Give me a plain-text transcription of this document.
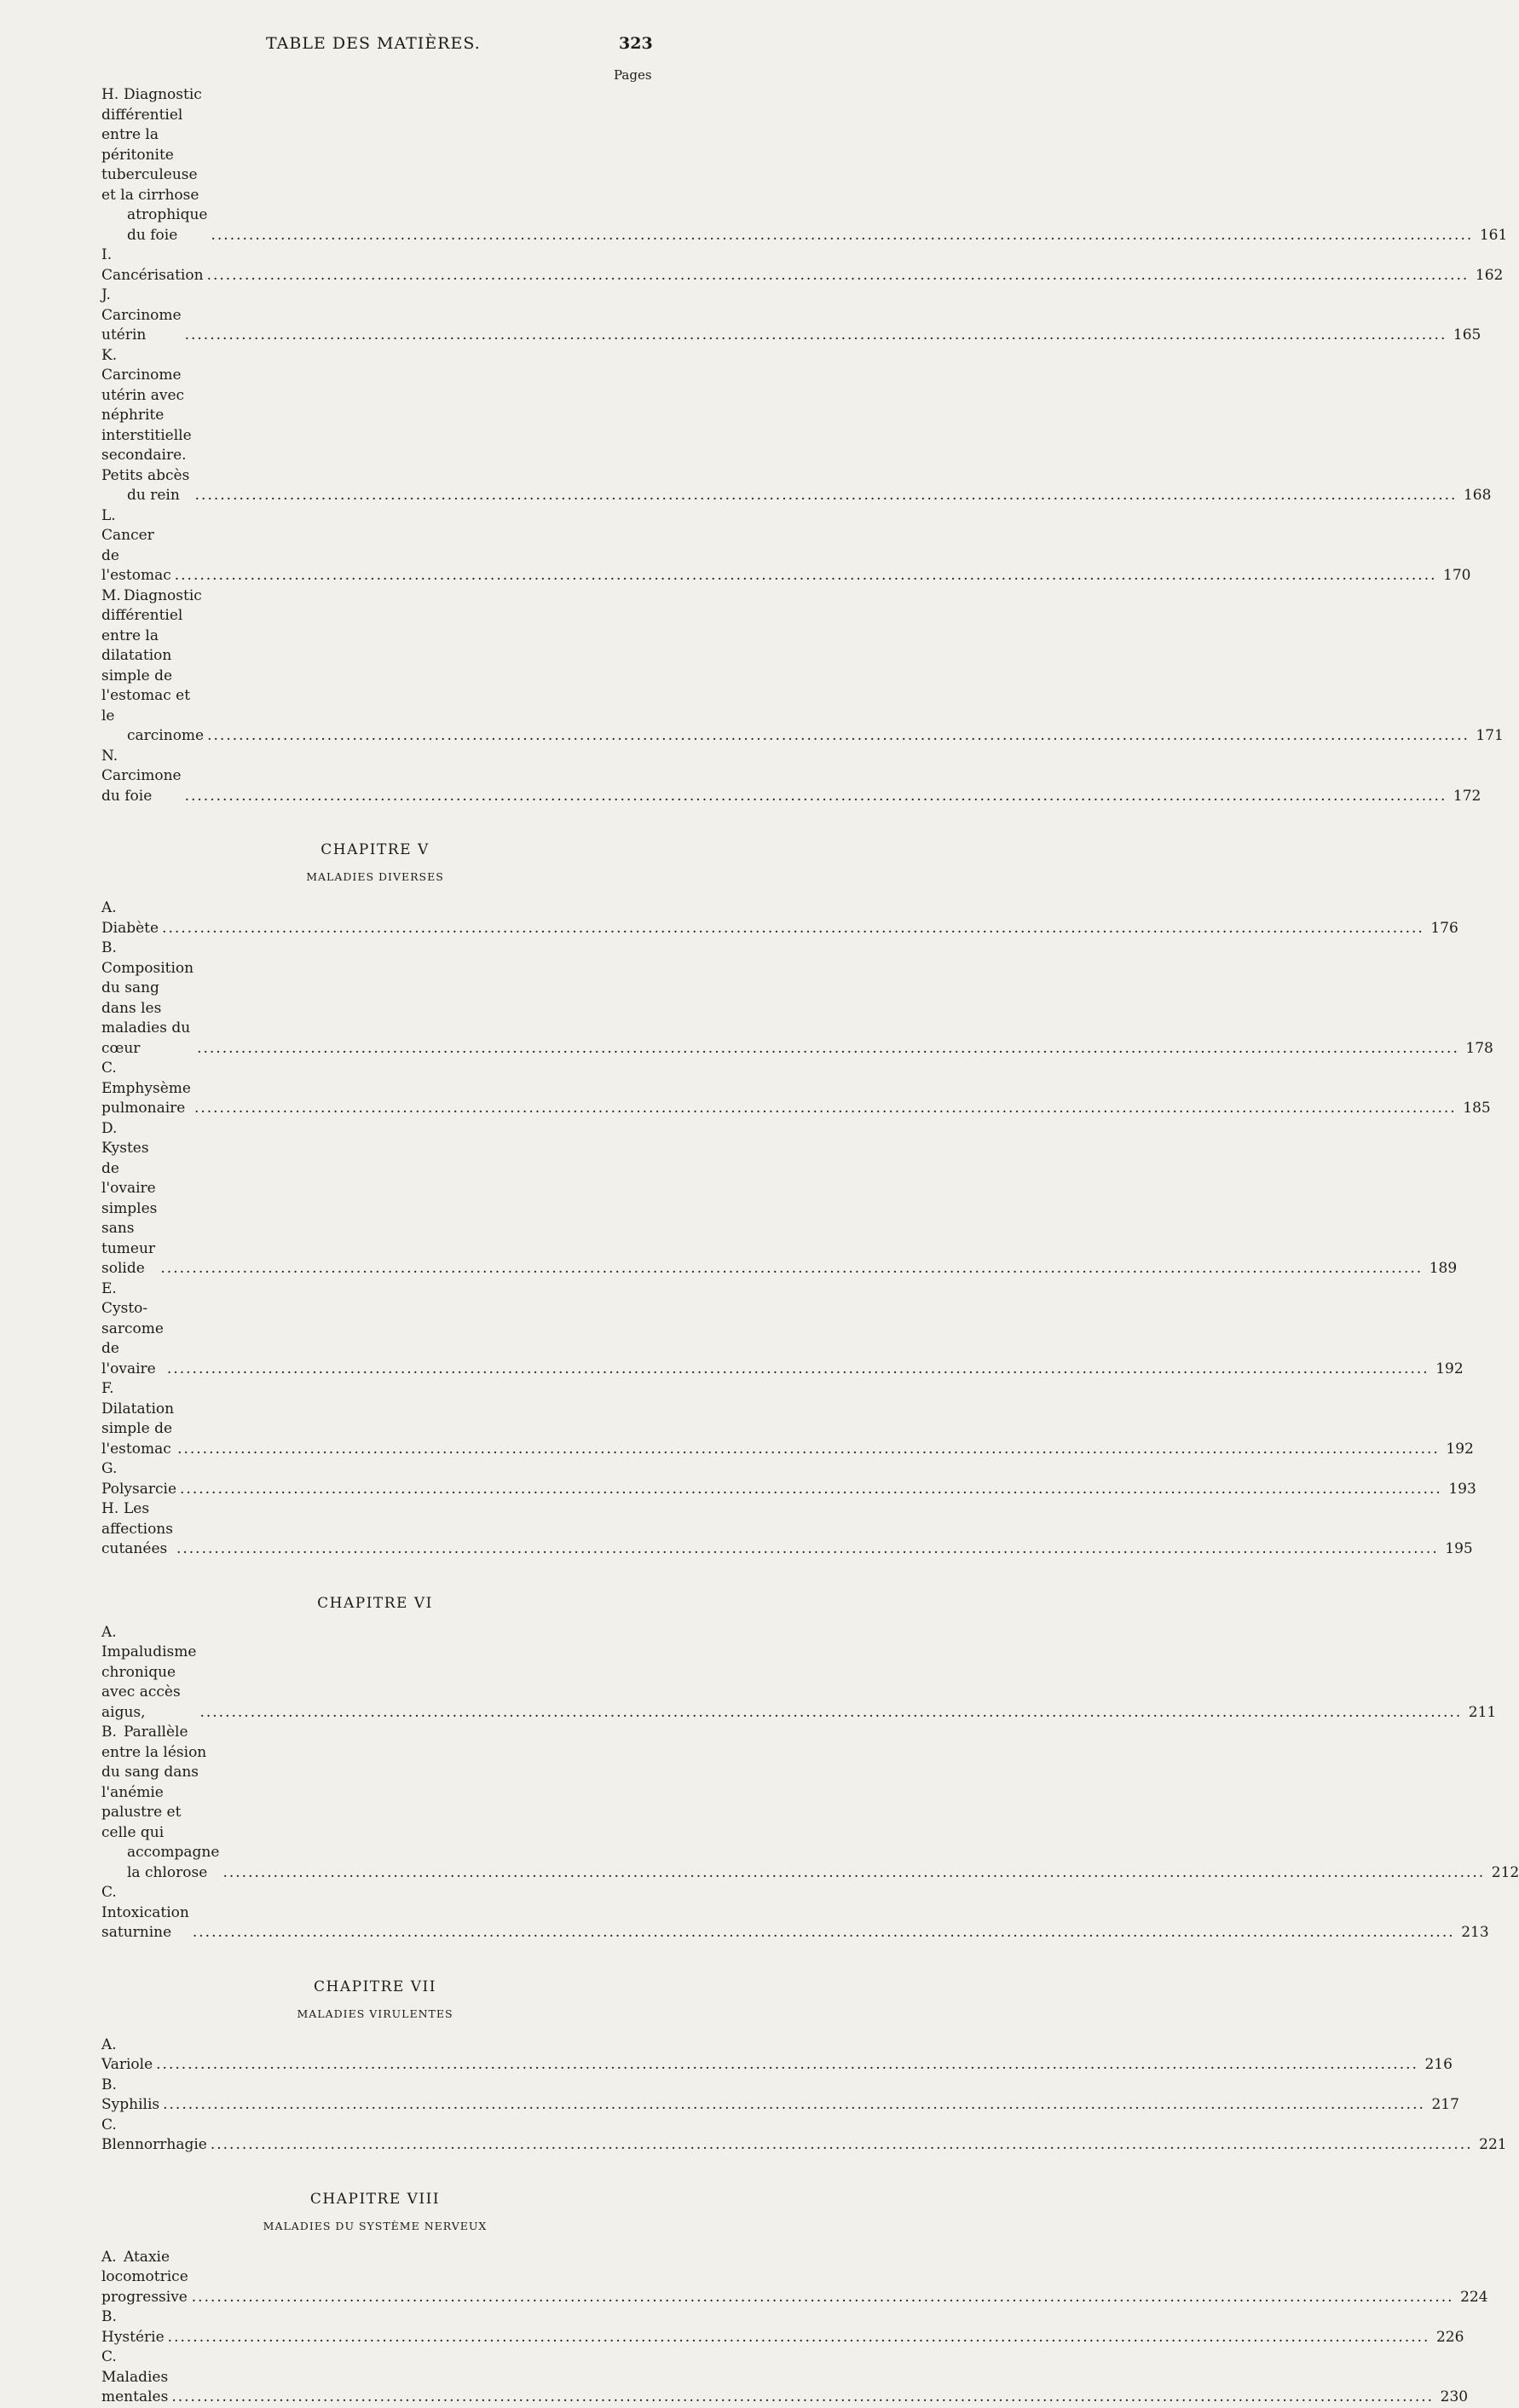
TABLE DES MATIÈRES.	323
Pages
H. Diagnostic différentiel entre la péritonite tuberculeuse et la cirrhose
atrophique du foie	........................................................................................................................................................................................................ 161
I.Cancérisation ........................................................................................................................................................................................................ 162
J.Carcinome utérin	........................................................................................................................................................................................................ 165
K.Carcinome utérin avec néphrite interstitielle secondaire. Petits abcès
du rein	........................................................................................................................................................................................................ 168
L.Cancer de l'estomac ........................................................................................................................................................................................................ 170
M. Diagnostic différentiel entre la dilatation simple de l'estomac et le
carcinome ........................................................................................................................................................................................................ 171
N.Carcimone du foie	........................................................................................................................................................................................................ 172
CHAPITRE V
MALADIES DIVERSES
A.Diabète ........................................................................................................................................................................................................ 176
B.Composition du sang dans les maladies du cœur	........................................................................................................................................................................................................ 178
C.Emphysème pulmonaire ........................................................................................................................................................................................................ 185
D.Kystes de l'ovaire simples sans tumeur solide	........................................................................................................................................................................................................ 189
E.Cysto-sarcome de l'ovaire ........................................................................................................................................................................................................ 192
F.Dilatation simple de l'estomac ........................................................................................................................................................................................................ 192
G.Polysarcie ........................................................................................................................................................................................................ 193
H. Les affections cutanées ........................................................................................................................................................................................................ 195
CHAPITRE VI
A.Impaludisme chronique avec accès aigus,	........................................................................................................................................................................................................ 211
B. Parallèle entre la lésion du sang dans l'anémie palustre et celle qui
accompagne la chlorose	........................................................................................................................................................................................................ 212
C.Intoxication saturnine	........................................................................................................................................................................................................ 213
CHAPITRE VII
MALADIES VIRULENTES
A.Variole ........................................................................................................................................................................................................ 216
B.Syphilis ........................................................................................................................................................................................................ 217
C.Blennorrhagie ........................................................................................................................................................................................................ 221
CHAPITRE VIII
MALADIES DU SYSTÈME NERVEUX
A. Ataxie locomotrice progressive ........................................................................................................................................................................................................ 224
B.Hystérie ........................................................................................................................................................................................................ 226
C.Maladies mentales ........................................................................................................................................................................................................ 230
